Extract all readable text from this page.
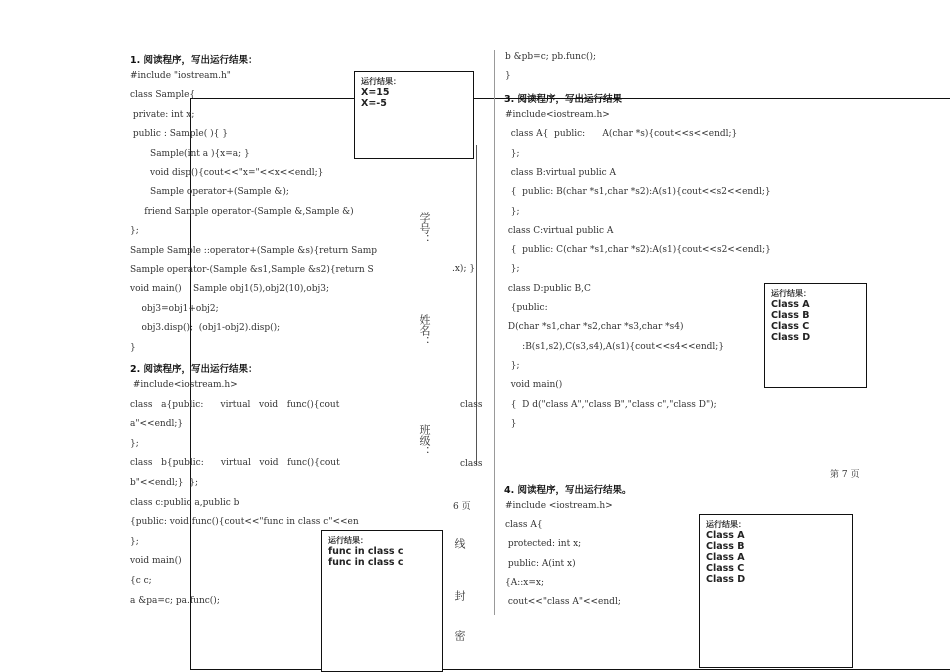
1. 阅读程序，写出运行结果：
#include "iostream.h"
class Sample{
private: int x;
public : Sample( ){ }
Sample(int a ){x=a; }
void disp(){cout<<"x="<<x<<endl;}
Sample operator+(Sample &);
friend Sample operator-(Sample &,Sample &)
};
Sample Sample ::operator+(Sample &s){return Samp
Sample operator-(Sample &s1,Sample &s2){return S
void main()    Sample obj1(5),obj2(10),obj3;
obj3=obj1+obj2;
obj3.disp();  (obj1-obj2).disp();
}
.x); }
2. 阅读程序，写出运行结果：
#include<iostream.h>
class   a{public:      virtual   void   func(){cout
a"<<endl;}
};
class   b{public:      virtual   void   func(){cout
b"<<endl;}  };
class c:public a,public b
{public: void func(){cout<<"func in class c"<<en
};
void main()
{c c;
a &pa=c; pa.func();
class
class
6 页
学号：
姓名：
班级：
线
封
密
b &pb=c; pb.func();
}
3. 阅读程序，写出运行结果
#include<iostream.h>
class A{  public:      A(char *s){cout<<s<<endl;}
};
class B:virtual public A
{  public: B(char *s1,char *s2):A(s1){cout<<s2<<endl;}
};
class C:virtual public A
{  public: C(char *s1,char *s2):A(s1){cout<<s2<<endl;}
};
class D:public B,C
{public:
D(char *s1,char *s2,char *s3,char *s4)
:B(s1,s2),C(s3,s4),A(s1){cout<<s4<<endl;}
};
void main()
{  D d("class A","class B","class c","class D");
}
第 7 页
4. 阅读程序，写出运行结果。
#include <iostream.h>
class A{
protected: int x;
public: A(int x)
{A::x=x;
cout<<"class A"<<endl;
运行结果：
X=15
X=-5
运行结果：
func in class c
func in class c
运行结果：
Class A
Class B
Class C
Class D
运行结果：
Class A
Class B
Class A
Class C
Class D
